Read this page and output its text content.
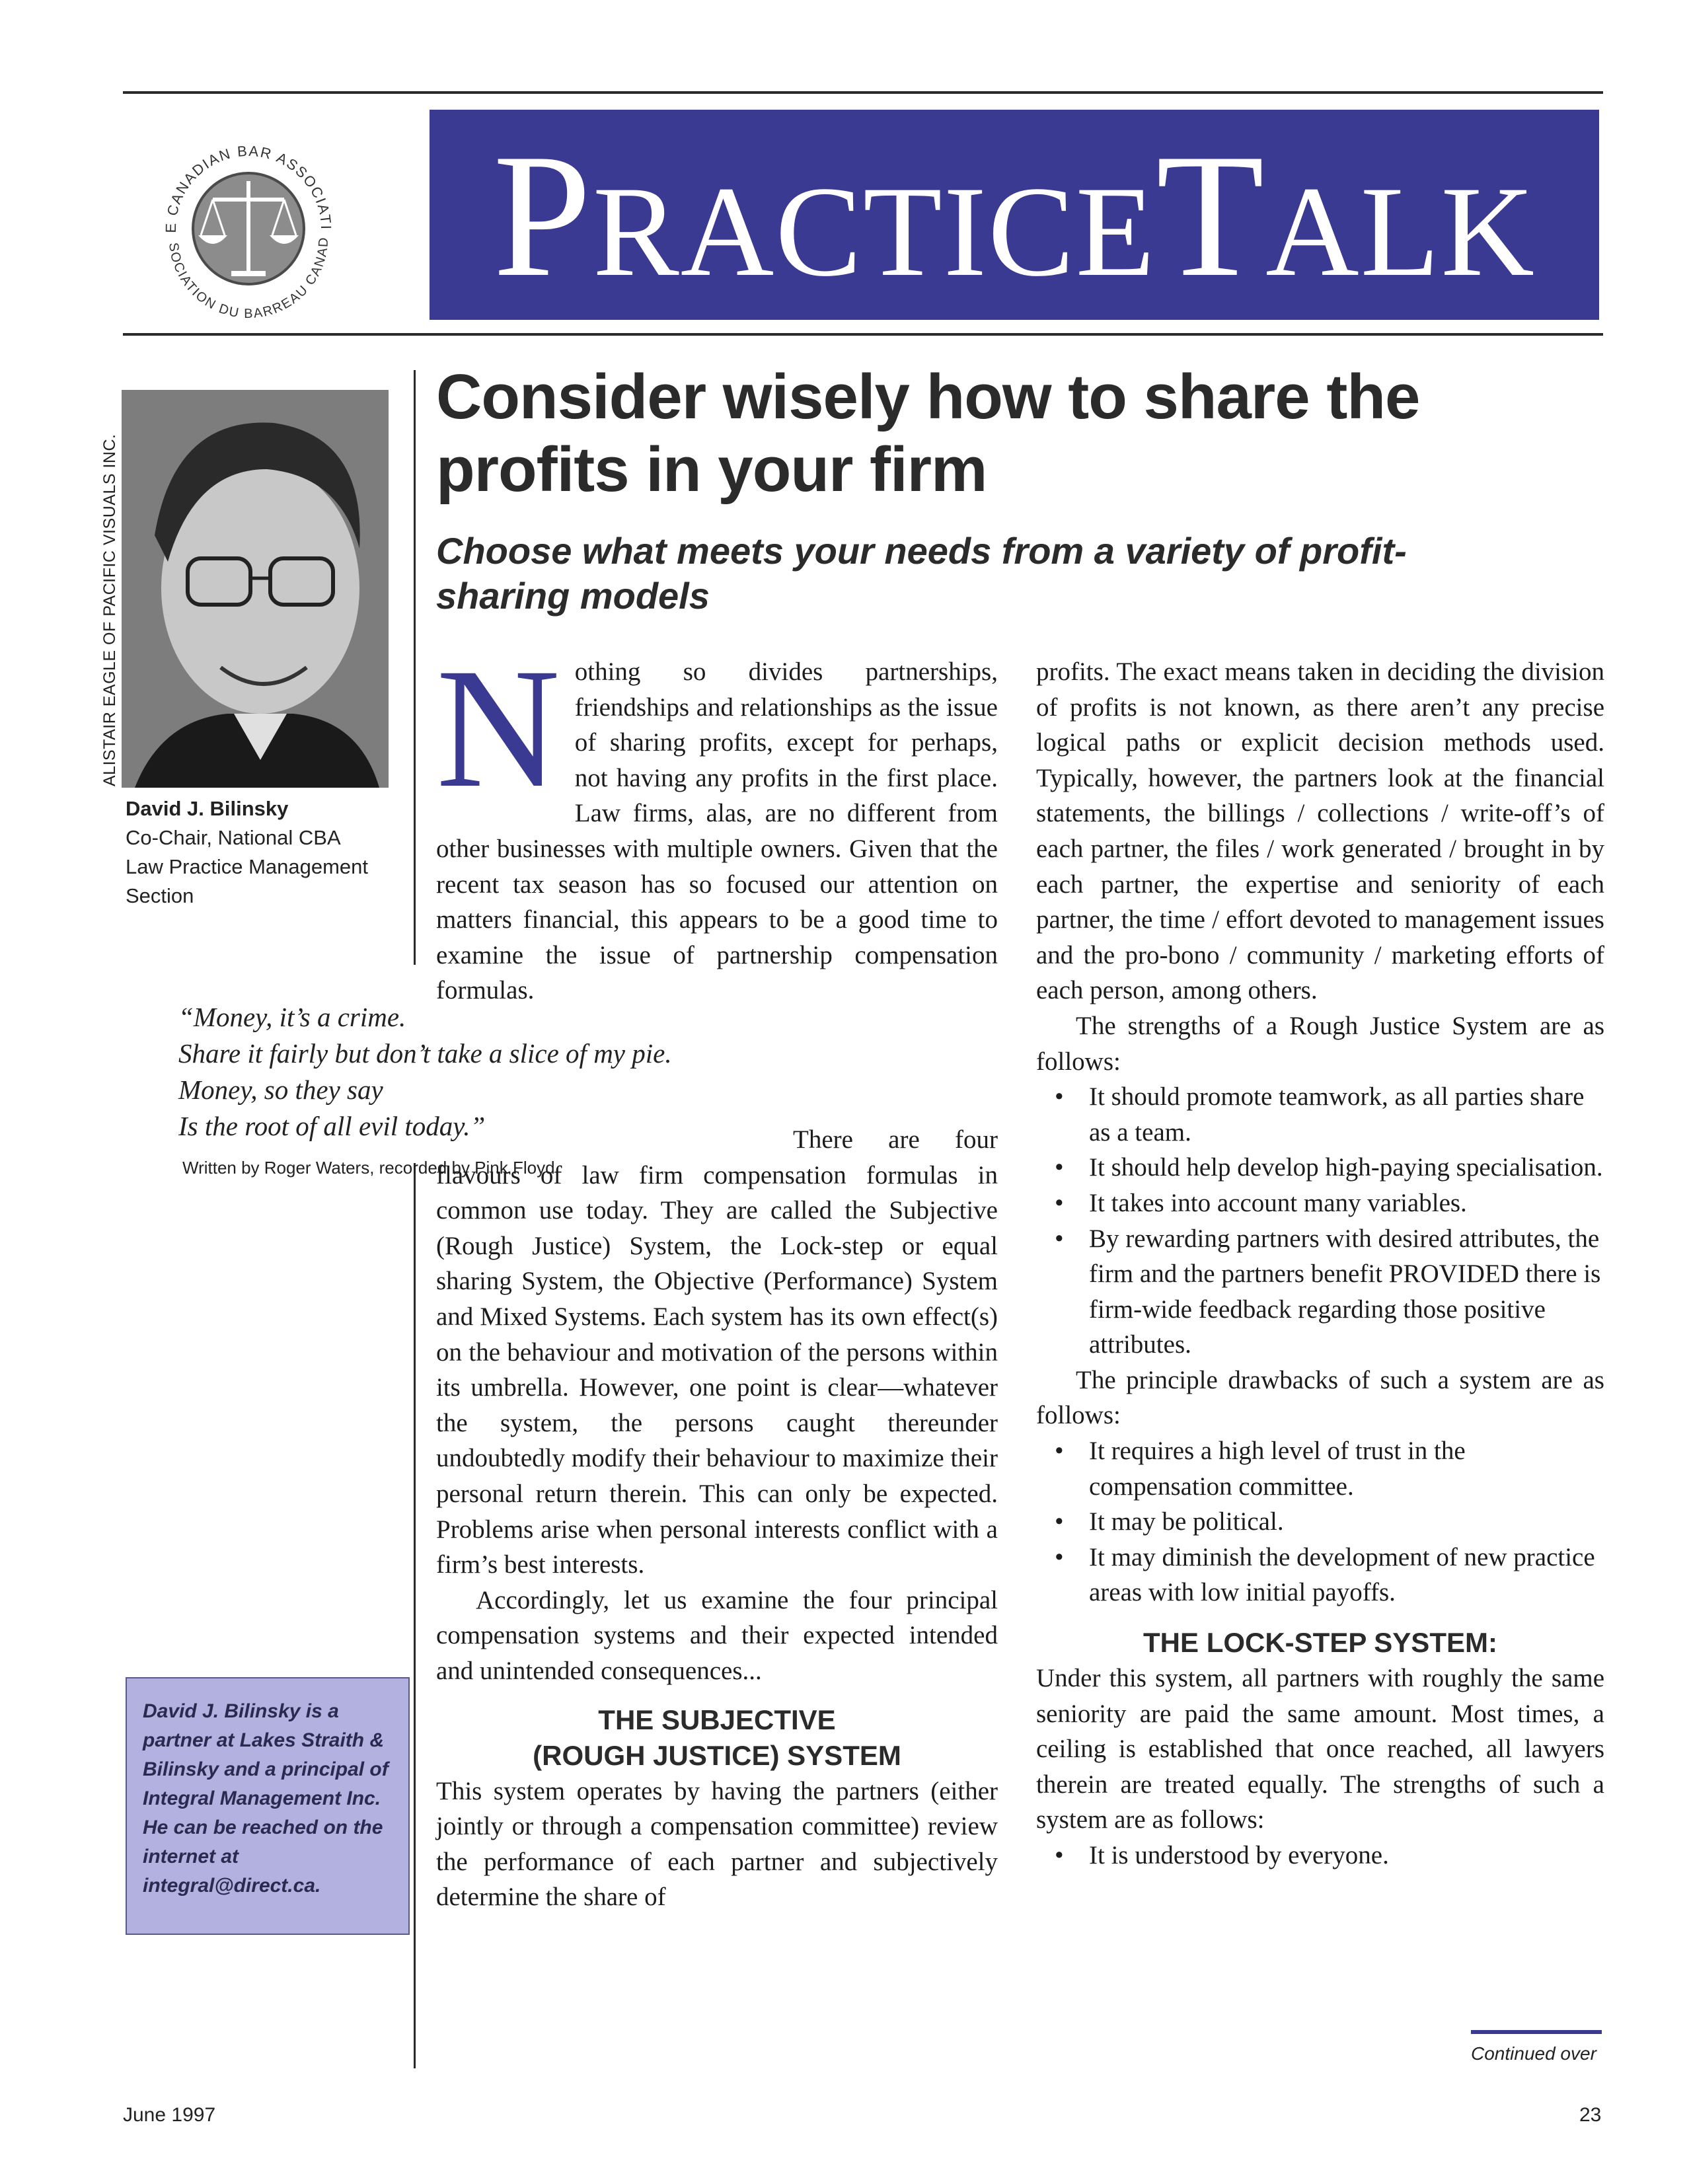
E CANADIAN BAR ASSOCIATI
SOCIATION DU BARREAU CANAD PRACTICETALK
Consider wisely how to share the profits in your firm
Choose what meets your needs from a variety of profit-sharing models
ALISTAIR EAGLE OF PACIFIC VISUALS INC.
David J. Bilinsky
Co-Chair, National CBA
Law Practice Management
Section
“Money, it’s a crime.
Share it fairly but don’t take a slice of my pie.
Money, so they say
Is the root of all evil today.”
Written by Roger Waters, recorded by Pink Floyd.
David J. Bilinsky is a partner at Lakes Straith & Bilinsky and a principal of Integral Management Inc. He can be reached on the internet at integral@direct.ca.

Nothing so divides partnerships, friendships and relationships as the issue of sharing profits, except for perhaps, not having any profits in the first place. Law firms, alas, are no different from other businesses with multiple owners. Given that the recent tax season has so focused our attention on matters financial, this appears to be a good time to examine the issue of partnership compensation formulas.

There are four flavours of law firm compensation formulas in common use today. They are called the Subjective (Rough Justice) System, the Lock-step or equal sharing System, the Objective (Performance) System and Mixed Systems. Each system has its own effect(s) on the behaviour and motivation of the persons within its umbrella. However, one point is clear—whatever the system, the persons caught thereunder undoubtedly modify their behaviour to maximize their personal return therein. This can only be expected. Problems arise when personal interests conflict with a firm’s best interests.

Accordingly, let us examine the four principal compensation systems and their expected intended and unintended consequences...

THE SUBJECTIVE
(ROUGH JUSTICE) SYSTEM

This system operates by having the partners (either jointly or through a compensation committee) review the performance of each partner and subjectively determine the share of

profits. The exact means taken in deciding the division of profits is not known, as there aren’t any precise logical paths or explicit decision methods used. Typically, however, the partners look at the financial statements, the billings / collections / write-off’s of each partner, the files / work generated / brought in by each partner, the expertise and seniority of each partner, the time / effort devoted to management issues and the pro-bono / community / marketing efforts of each person, among others.

The strengths of a Rough Justice System are as follows:

• It should promote teamwork, as all parties share as a team.
• It should help develop high-paying specialisation.
• It takes into account many variables.
• By rewarding partners with desired attributes, the firm and the partners benefit PROVIDED there is firm-wide feedback regarding those positive attributes.

The principle drawbacks of such a system are as follows:

• It requires a high level of trust in the compensation committee.
• It may be political.
• It may diminish the development of new practice areas with low initial payoffs.
THE LOCK-STEP SYSTEM:

Under this system, all partners with roughly the same seniority are paid the same amount. Most times, a ceiling is established that once reached, all lawyers therein are treated equally. The strengths of such a system are as follows:

• It is understood by everyone.
Continued over
June 1997	23
